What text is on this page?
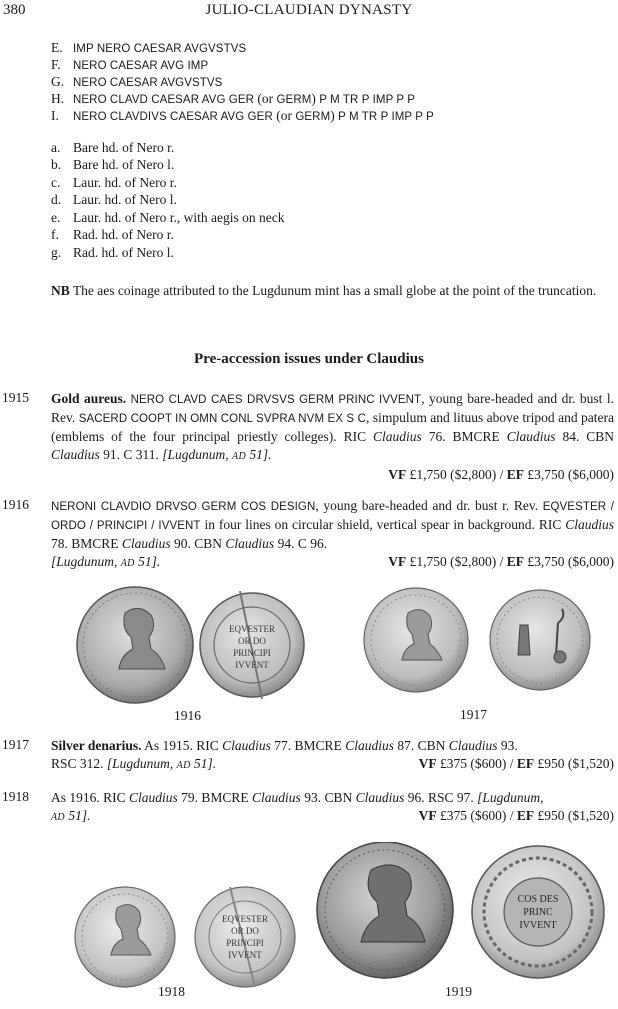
380	JULIO-CLAUDIAN DYNASTY
E. IMP NERO CAESAR AVGVSTVS
F. NERO CAESAR AVG IMP
G. NERO CAESAR AVGVSTVS
H. NERO CLAVD CAESAR AVG GER (or GERM) P M TR P IMP P P
I. NERO CLAVDIVS CAESAR AVG GER (or GERM) P M TR P IMP P P
a. Bare hd. of Nero r.
b. Bare hd. of Nero l.
c. Laur. hd. of Nero r.
d. Laur. hd. of Nero l.
e. Laur. hd. of Nero r., with aegis on neck
f. Rad. hd. of Nero r.
g. Rad. hd. of Nero l.
NB The aes coinage attributed to the Lugdunum mint has a small globe at the point of the truncation.
Pre-accession issues under Claudius
1915 Gold aureus. NERO CLAVD CAES DRVSVS GERM PRINC IVVENT, young bare-headed and dr. bust l. Rev. SACERD COOPT IN OMN CONL SVPRA NVM EX S C, simpulum and lituus above tripod and patera (emblems of the four principal priestly colleges). RIC Claudius 76. BMCRE Claudius 84. CBN Claudius 91. C 311. [Lugdunum, AD 51].
VF £1,750 ($2,800) / EF £3,750 ($6,000)
1916 NERONI CLAVDIO DRVSO GERM COS DESIGN, young bare-headed and dr. bust r. Rev. EQVESTER / ORDO / PRINCIPI / IVVENT in four lines on circular shield, vertical spear in background. RIC Claudius 78. BMCRE Claudius 90. CBN Claudius 94. C 96.
[Lugdunum, AD 51].	VF £1,750 ($2,800) / EF £3,750 ($6,000)
EQVESTER
OR DO
PRINCIPI
IVVENT
1916	1917
1917 Silver denarius. As 1915. RIC Claudius 77. BMCRE Claudius 87. CBN Claudius 93.
RSC 312. [Lugdunum, AD 51].	VF £375 ($600) / EF £950 ($1,520)
1918 As 1916. RIC Claudius 79. BMCRE Claudius 93. CBN Claudius 96. RSC 97. [Lugdunum,
AD 51].	VF £375 ($600) / EF £950 ($1,520)
EQVESTER
OR DO
PRINCIPI
IVVENT
COS DES
PRINC
IVVENT
1918	1919
